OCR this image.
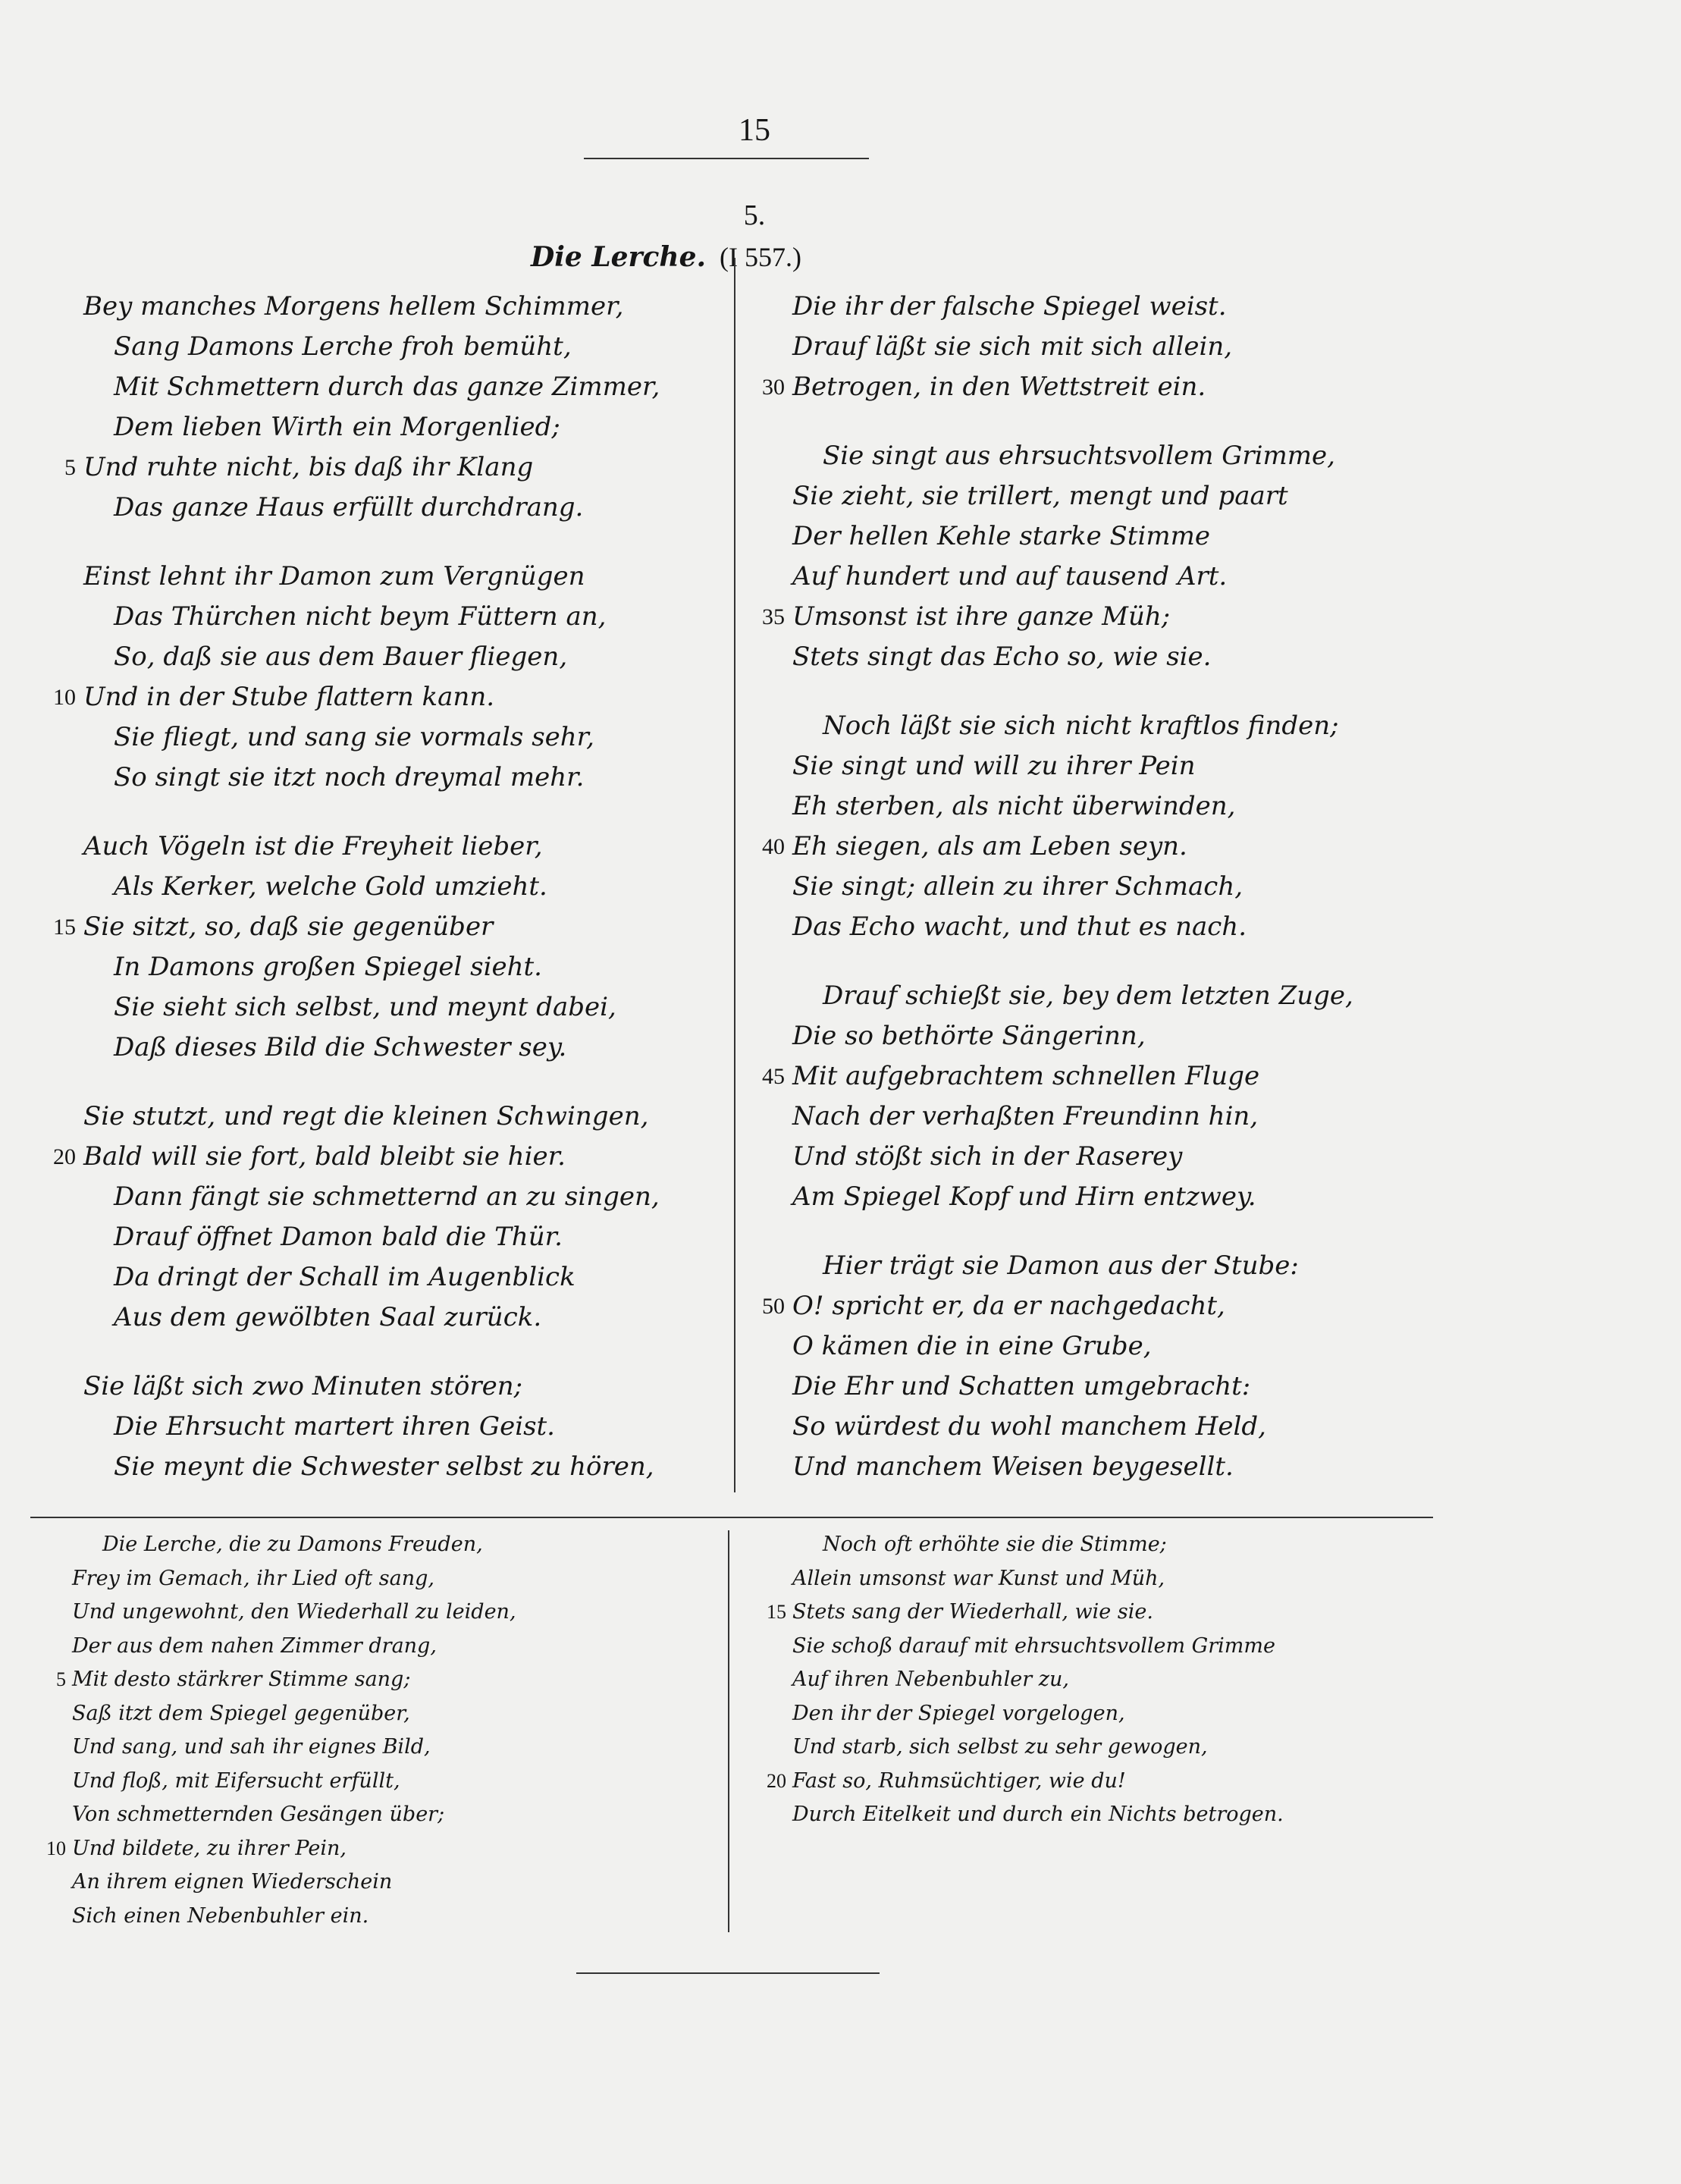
15
5.
Die Lerche. (I 557.)
Bey manches Morgens hellem Schimmer,
Sang Damons Lerche froh bemüht,
Mit Schmettern durch das ganze Zimmer,
Dem lieben Wirth ein Morgenlied;
5 Und ruhte nicht, bis daß ihr Klang
Das ganze Haus erfüllt durchdrang.
Einst lehnt ihr Damon zum Vergnügen
Das Thürchen nicht beym Füttern an,
So, daß sie aus dem Bauer fliegen,
10 Und in der Stube flattern kann.
Sie fliegt, und sang sie vormals sehr,
So singt sie itzt noch dreymal mehr.
Auch Vögeln ist die Freyheit lieber,
Als Kerker, welche Gold umzieht.
15 Sie sitzt, so, daß sie gegenüber
In Damons großen Spiegel sieht.
Sie sieht sich selbst, und meynt dabei,
Daß dieses Bild die Schwester sey.
Sie stutzt, und regt die kleinen Schwingen,
20 Bald will sie fort, bald bleibt sie hier.
Dann fängt sie schmetternd an zu singen,
Drauf öffnet Damon bald die Thür.
Da dringt der Schall im Augenblick
Aus dem gewölbten Saal zurück.
Sie läßt sich zwo Minuten stören;
Die Ehrsucht martert ihren Geist.
Sie meynt die Schwester selbst zu hören,
Die ihr der falsche Spiegel weist.
Drauf läßt sie sich mit sich allein,
30 Betrogen, in den Wettstreit ein.
Sie singt aus ehrsuchtsvollem Grimme,
Sie zieht, sie trillert, mengt und paart
Der hellen Kehle starke Stimme
Auf hundert und auf tausend Art.
35 Umsonst ist ihre ganze Müh;
Stets singt das Echo so, wie sie.
Noch läßt sie sich nicht kraftlos finden;
Sie singt und will zu ihrer Pein
Eh sterben, als nicht überwinden,
40 Eh siegen, als am Leben seyn.
Sie singt; allein zu ihrer Schmach,
Das Echo wacht, und thut es nach.
Drauf schießt sie, bey dem letzten Zuge,
Die so bethörte Sängerinn,
45 Mit aufgebrachtem schnellen Fluge
Nach der verhaßten Freundinn hin,
Und stößt sich in der Raserey
Am Spiegel Kopf und Hirn entzwey.
Hier trägt sie Damon aus der Stube:
50 O! spricht er, da er nachgedacht,
O kämen die in eine Grube,
Die Ehr und Schatten umgebracht:
So würdest du wohl manchem Held,
Und manchem Weisen beygesellt.
Die Lerche, die zu Damons Freuden,
Frey im Gemach, ihr Lied oft sang,
Und ungewohnt, den Wiederhall zu leiden,
Der aus dem nahen Zimmer drang,
5 Mit desto stärkrer Stimme sang;
Saß itzt dem Spiegel gegenüber,
Und sang, und sah ihr eignes Bild,
Und floß, mit Eifersucht erfüllt,
Von schmetternden Gesängen über;
10 Und bildete, zu ihrer Pein,
An ihrem eignen Wiederschein
Sich einen Nebenbuhler ein.
Noch oft erhöhte sie die Stimme;
Allein umsonst war Kunst und Müh,
15 Stets sang der Wiederhall, wie sie.
Sie schoß darauf mit ehrsuchtsvollem Grimme
Auf ihren Nebenbuhler zu,
Den ihr der Spiegel vorgelogen,
Und starb, sich selbst zu sehr gewogen,
20 Fast so, Ruhmsüchtiger, wie du!
Durch Eitelkeit und durch ein Nichts betrogen.
